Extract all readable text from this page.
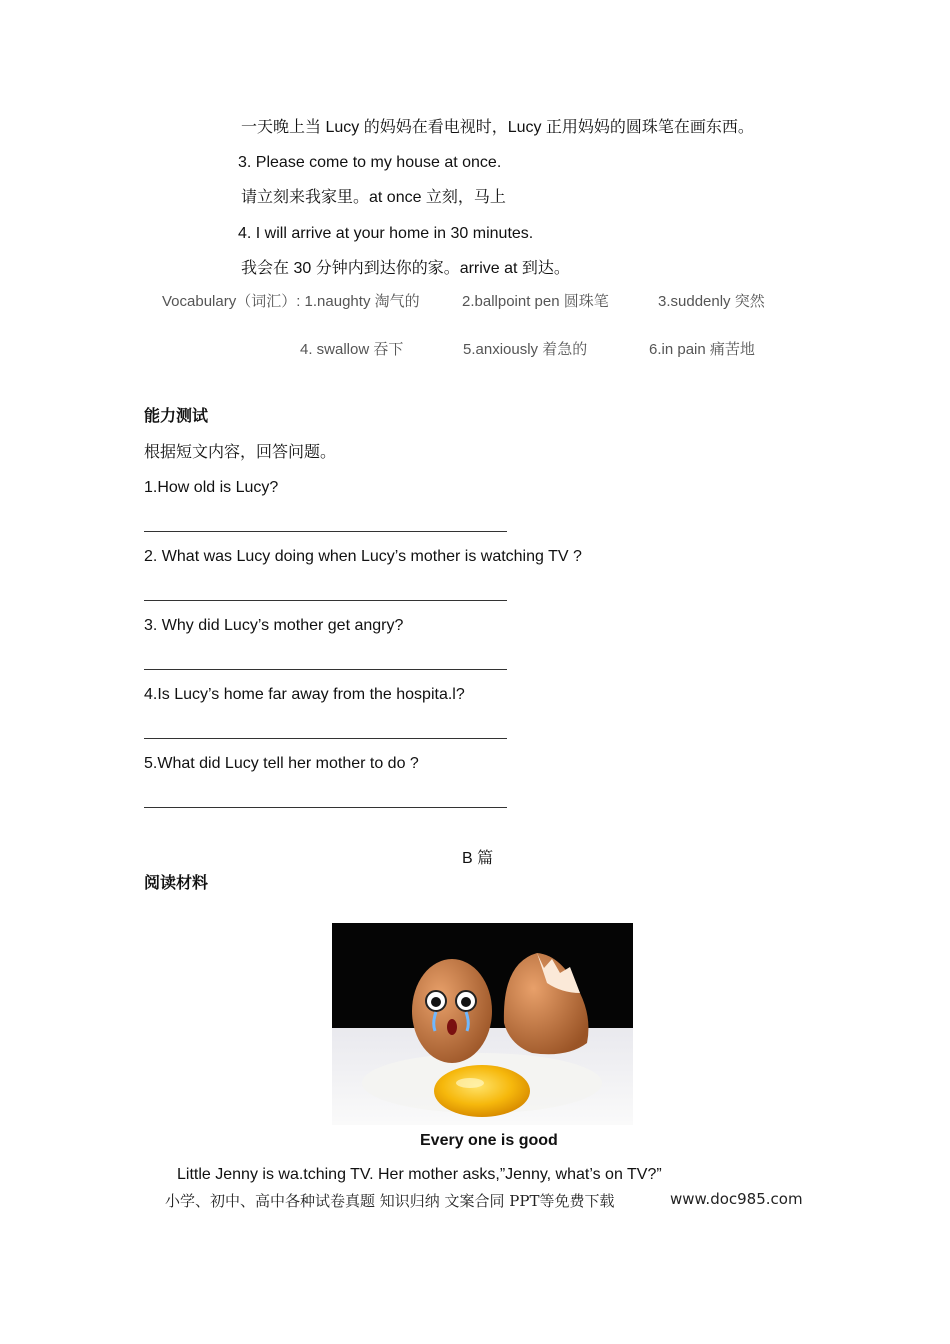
一天晚上当 Lucy 的妈妈在看电视时，Lucy 正用妈妈的圆珠笔在画东西。
3. Please come to my house at once.
请立刻来我家里。at once 立刻，马上
4. I will arrive at your home in 30 minutes.
我会在 30 分钟内到达你的家。arrive at 到达。
Vocabulary（词汇）: 1.naughty 淘气的	2.ballpoint pen 圆珠笔	3.suddenly 突然
4. swallow 吞下	5.anxiously 着急的	6.in pain 痛苦地
能力测试
根据短文内容，回答问题。
1.How old is Lucy?
2. What was Lucy doing when Lucy’s mother is watching TV ?
3. Why did Lucy’s mother get angry?
4.Is Lucy’s home far away from the hospita.l?
5.What did Lucy tell her mother to do ?
B 篇
阅读材料
Every one is good
Little Jenny is wa.tching TV. Her mother asks,”Jenny, what’s on TV?”
小学、初中、高中各种试卷真题 知识归纳 文案合同 PPT等免费下载	www.doc985.com
